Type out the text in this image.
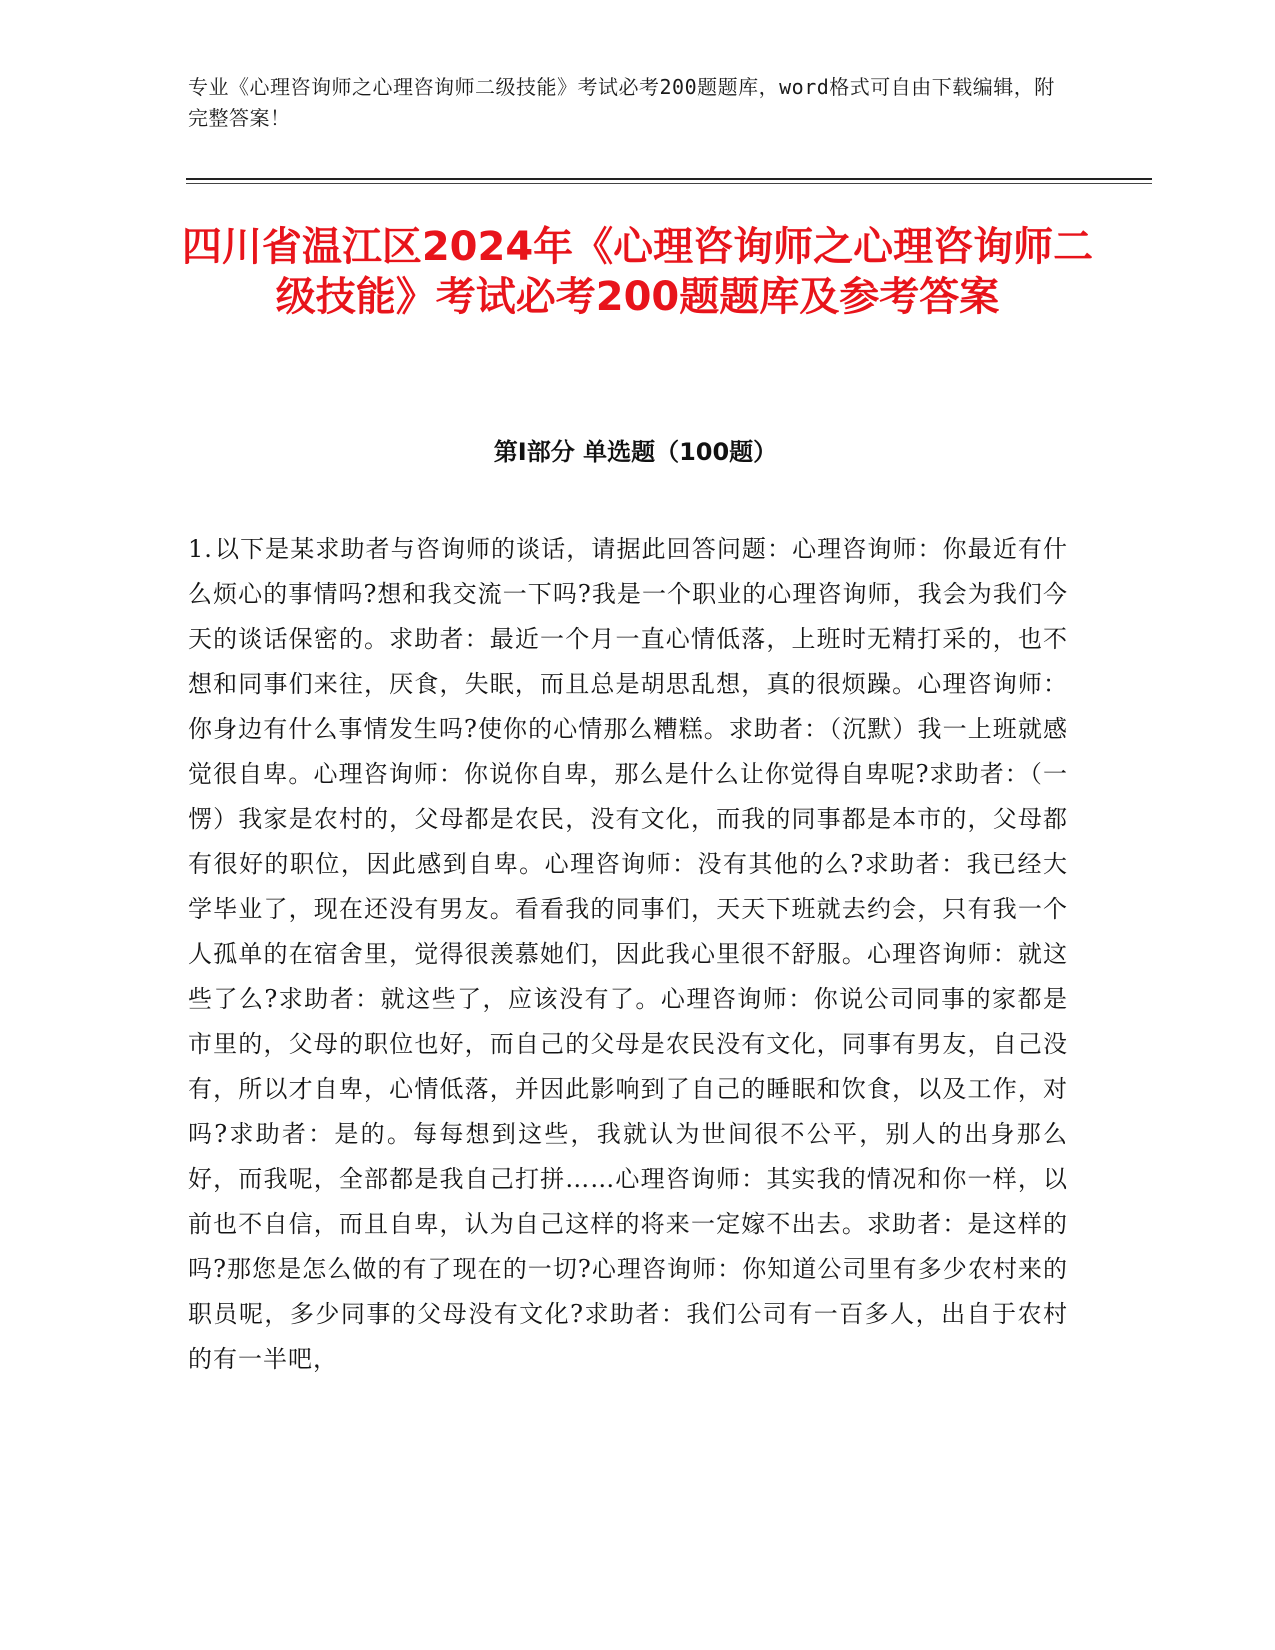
专业《心理咨询师之心理咨询师二级技能》考试必考200题题库，word格式可自由下载编辑，附完整答案！
四川省温江区2024年《心理咨询师之心理咨询师二级技能》考试必考200题题库及参考答案
第Ⅰ部分 单选题（100题）
1.以下是某求助者与咨询师的谈话，请据此回答问题：心理咨询师：你最近有什么烦心的事情吗?想和我交流一下吗?我是一个职业的心理咨询师，我会为我们今天的谈话保密的。求助者：最近一个月一直心情低落，上班时无精打采的，也不想和同事们来往，厌食，失眠，而且总是胡思乱想，真的很烦躁。心理咨询师：你身边有什么事情发生吗?使你的心情那么糟糕。求助者：（沉默）我一上班就感觉很自卑。心理咨询师：你说你自卑，那么是什么让你觉得自卑呢?求助者：（一愣）我家是农村的，父母都是农民，没有文化，而我的同事都是本市的，父母都有很好的职位，因此感到自卑。心理咨询师：没有其他的么?求助者：我已经大学毕业了，现在还没有男友。看看我的同事们，天天下班就去约会，只有我一个人孤单的在宿舍里，觉得很羡慕她们，因此我心里很不舒服。心理咨询师：就这些了么?求助者：就这些了，应该没有了。心理咨询师：你说公司同事的家都是市里的，父母的职位也好，而自己的父母是农民没有文化，同事有男友，自己没有，所以才自卑，心情低落，并因此影响到了自己的睡眠和饮食，以及工作，对吗?求助者：是的。每每想到这些，我就认为世间很不公平，别人的出身那么好，而我呢，全部都是我自己打拼……心理咨询师：其实我的情况和你一样，以前也不自信，而且自卑，认为自己这样的将来一定嫁不出去。求助者：是这样的吗?那您是怎么做的有了现在的一切?心理咨询师：你知道公司里有多少农村来的职员呢，多少同事的父母没有文化?求助者：我们公司有一百多人，出自于农村的有一半吧，
